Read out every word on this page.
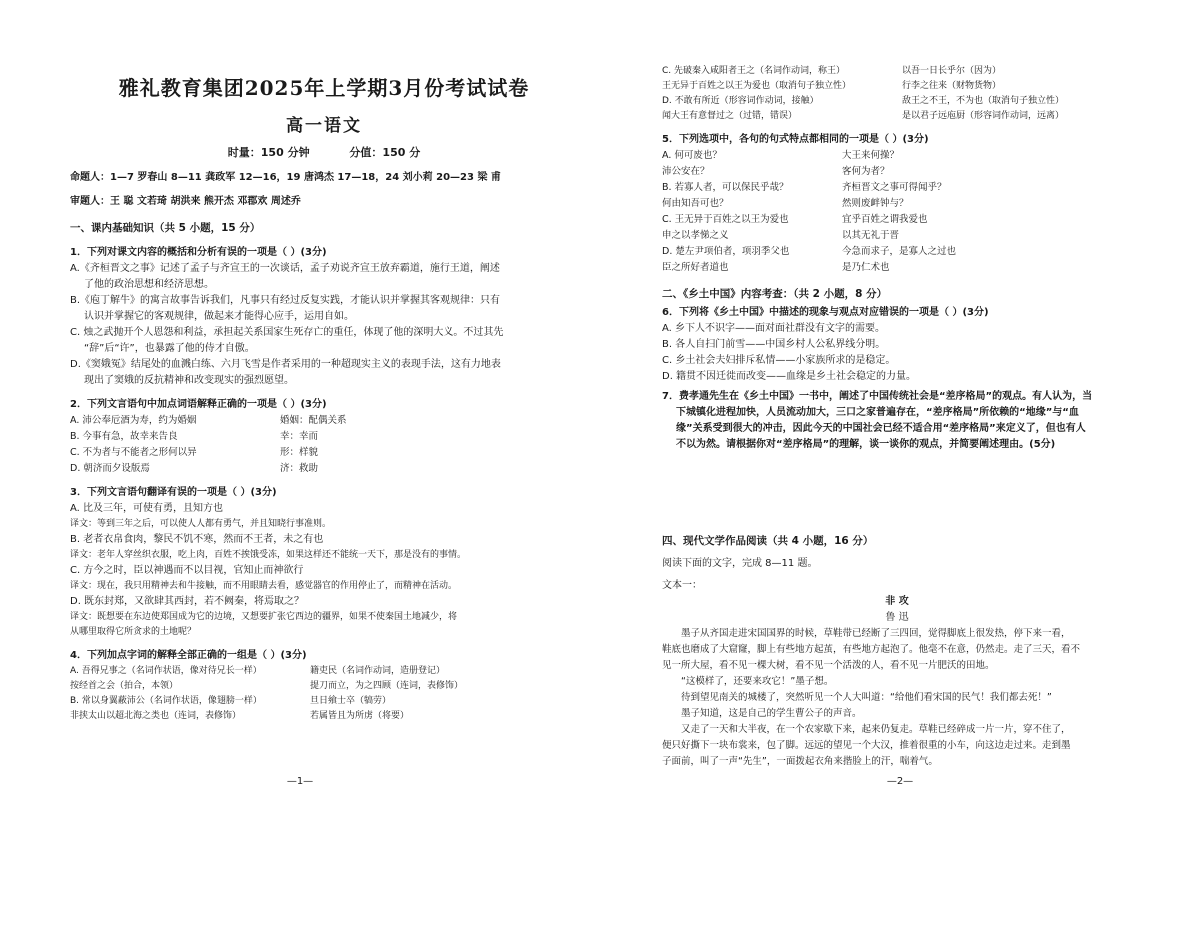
雅礼教育集团2025年上学期3月份考试试卷
高一语文
时量：150 分钟	分值：150 分
命题人：1—7 罗春山 8—11 龚政军 12—16，19 唐鸿杰 17—18，24 刘小莉 20—23 梁 甫
审题人：王 聪 文若琦 胡洪来 熊开杰 邓郡欢 周述乔
一、课内基础知识（共 5 小题，15 分）
1．下列对课文内容的概括和分析有误的一项是（ ）(3分)
A.《齐桓晋文之事》记述了孟子与齐宣王的一次谈话，孟子劝说齐宣王放弃霸道，施行王道，阐述
了他的政治思想和经济思想。
B.《庖丁解牛》的寓言故事告诉我们，凡事只有经过反复实践，才能认识并掌握其客观规律：只有
认识并掌握它的客观规律，做起来才能得心应手，运用自如。
C. 烛之武抛开个人恩怨和利益，承担起关系国家生死存亡的重任，体现了他的深明大义。不过其先
“辞”后“许”，也暴露了他的侍才自傲。
D.《窦娥冤》结尾处的血溅白练、六月飞雪是作者采用的一种超现实主义的表现手法，这有力地表
现出了窦娥的反抗精神和改变现实的强烈愿望。
2．下列文言语句中加点词语解释正确的一项是（ ）(3分)
A. 沛公奉卮酒为寿，约为婚姻	婚姻：配偶关系
B. 今事有急，故幸来告良	幸：幸而
C. 不为者与不能者之形何以异	形：样貌
D. 朝济而夕设版焉	济：救助
3．下列文言语句翻译有误的一项是（ ）(3分)
A. 比及三年，可使有勇，且知方也
译文：等到三年之后，可以使人人都有勇气，并且知晓行事准则。
B. 老者衣帛食肉，黎民不饥不寒，然而不王者，未之有也
译文：老年人穿丝织衣服，吃上肉，百姓不挨饿受冻，如果这样还不能统一天下，那是没有的事情。
C. 方今之时，臣以神遇而不以目视，官知止而神欲行
译文：现在，我只用精神去和牛接触，而不用眼睛去看，感觉器官的作用停止了，而精神在活动。
D. 既东封郑，又欲肆其西封，若不阙秦，将焉取之？
译文：既想要在东边使郑国成为它的边境，又想要扩张它西边的疆界，如果不使秦国土地减少，将
从哪里取得它所贪求的土地呢？
4．下列加点字词的解释全部正确的一组是（ ）(3分)
A. 吾得兄事之（名词作状语，像对待兄长一样）	籍吏民（名词作动词，造册登记）
按经首之会（拍合，本领）	提刀而立，为之四顾（连词，表修饰）
B. 常以身翼蔽沛公（名词作状语，像翅膀一样）	旦日飨士卒（犒劳）
非挟太山以超北海之类也（连词，表修饰）	若属皆且为所虏（将要）
—1—
C. 先破秦入咸阳者王之（名词作动词，称王）	以吾一日长乎尔（因为）
王无异于百姓之以王为爱也（取消句子独立性）	行李之往来（财物货物）
D. 不敢有所近（形容词作动词，接触）	敌王之不王，不为也（取消句子独立性）
闻大王有意督过之（过错，错误）	是以君子远庖厨（形容词作动词，远离）
5．下列选项中，各句的句式特点都相同的一项是（ ）(3分)
A. 何可废也？	大王来何操？
沛公安在？	客何为者？
B. 若寡人者，可以保民乎哉？	齐桓晋文之事可得闻乎？
何由知吾可也？	然则废衅钟与？
C. 王无异于百姓之以王为爱也	宜乎百姓之谓我爱也
申之以孝悌之义	以其无礼于晋
D. 楚左尹项伯者，项羽季父也	今急而求子，是寡人之过也
臣之所好者道也	是乃仁术也
二、《乡土中国》内容考查：（共 2 小题，8 分）
6．下列将《乡土中国》中描述的现象与观点对应错误的一项是（ ）(3分)
A. 乡下人不识字——面对面社群没有文字的需要。
B. 各人自扫门前雪——中国乡村人公私界线分明。
C. 乡土社会夫妇排斥私情——小家族所求的是稳定。
D. 籍贯不因迁徙而改变——血缘是乡土社会稳定的力量。
7．费孝通先生在《乡土中国》一书中，阐述了中国传统社会是“差序格局”的观点。有人认为，当
下城镇化进程加快，人员流动加大，三口之家普遍存在，“差序格局”所依赖的“地缘”与“血
缘”关系受到很大的冲击，因此今天的中国社会已经不适合用“差序格局”来定义了，但也有人
不以为然。请根据你对“差序格局”的理解，谈一谈你的观点，并简要阐述理由。(5分)
四、现代文学作品阅读（共 4 小题，16 分）
阅读下面的文字，完成 8—11 题。
文本一：
非 攻
鲁 迅
墨子从齐国走进宋国国界的时候，草鞋带已经断了三四回，觉得脚底上很发热，停下来一看，
鞋底也磨成了大窟窿，脚上有些地方起茧，有些地方起泡了。他毫不在意，仍然走。走了三天，看不
见一所大屋，看不见一棵大树，看不见一个活泼的人，看不见一片肥沃的田地。
“这模样了，还要来攻它！”墨子想。
待到望见南关的城楼了，突然听见一个人大叫道：“给他们看宋国的民气！我们都去死！”
墨子知道，这是自己的学生曹公子的声音。
又走了一天和大半夜，在一个农家歇下来，起来仍复走。草鞋已经碎成一片一片，穿不住了，
便只好撕下一块布裳来，包了脚。远远的望见一个大汉，推着很重的小车，向这边走过来。走到墨
子面前，叫了一声“先生”，一面拨起衣角来揩脸上的汗，喘着气。
—2—
